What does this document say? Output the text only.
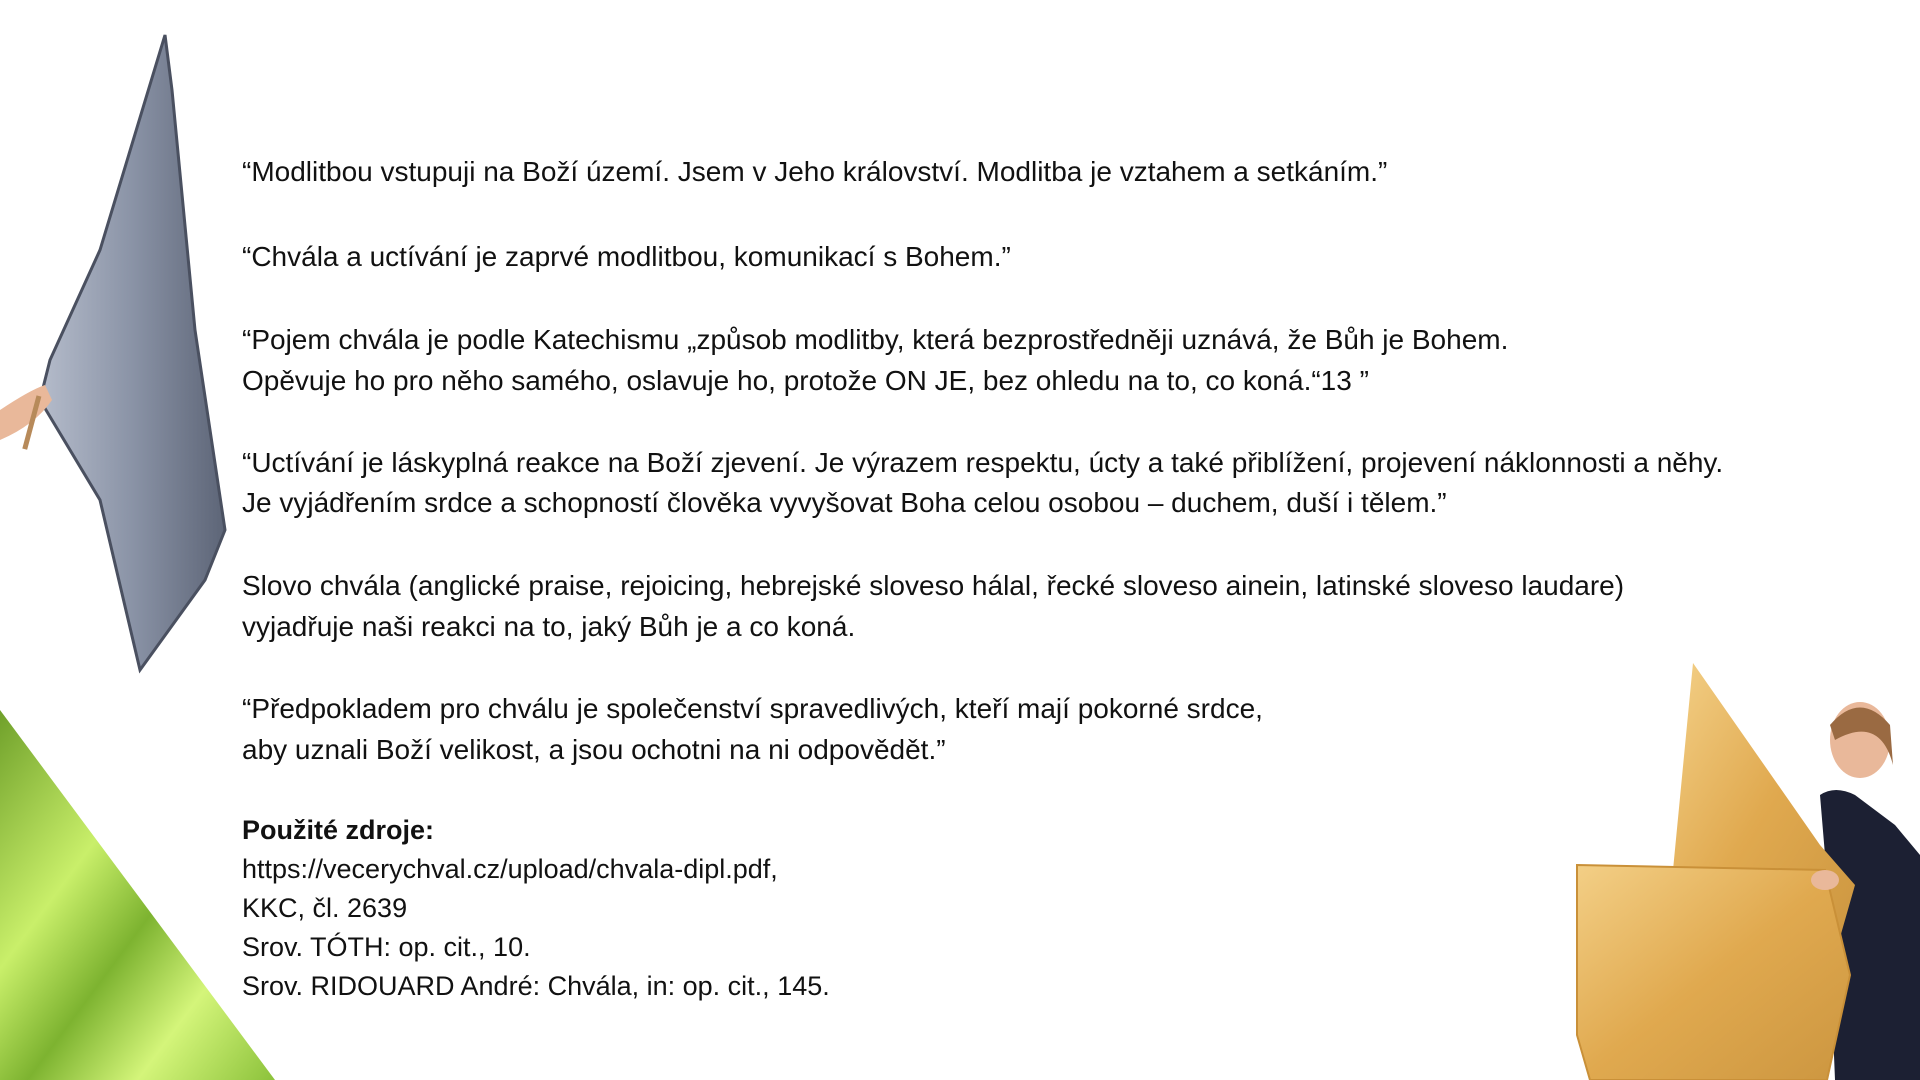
“Modlitbou vstupuji na Boží území. Jsem v Jeho království. Modlitba je vztahem a setkáním.”
“Chvála a uctívání je zaprvé modlitbou, komunikací s Bohem.”
“Pojem chvála je podle Katechismu „způsob modlitby, která bezprostředněji uznává, že Bůh je Bohem.
Opěvuje ho pro něho samého, oslavuje ho, protože ON JE, bez ohledu na to, co koná.“13 ”
“Uctívání je láskyplná reakce na Boží zjevení. Je výrazem respektu, úcty a také přiblížení, projevení náklonnosti a něhy.
Je vyjádřením srdce a schopností člověka vyvyšovat Boha celou osobou – duchem, duší i tělem.”
Slovo chvála (anglické praise, rejoicing, hebrejské sloveso hálal, řecké sloveso ainein, latinské sloveso laudare)
vyjadřuje naši reakci na to, jaký Bůh je a co koná.
“Předpokladem pro chválu je společenství spravedlivých, kteří mají pokorné srdce,
aby uznali Boží velikost, a jsou ochotni na ni odpovědět.”
Použité zdroje:
https://vecerychval.cz/upload/chvala-dipl.pdf,
KKC, čl. 2639
Srov. TÓTH: op. cit., 10.
Srov. RIDOUARD André: Chvála, in: op. cit., 145.
